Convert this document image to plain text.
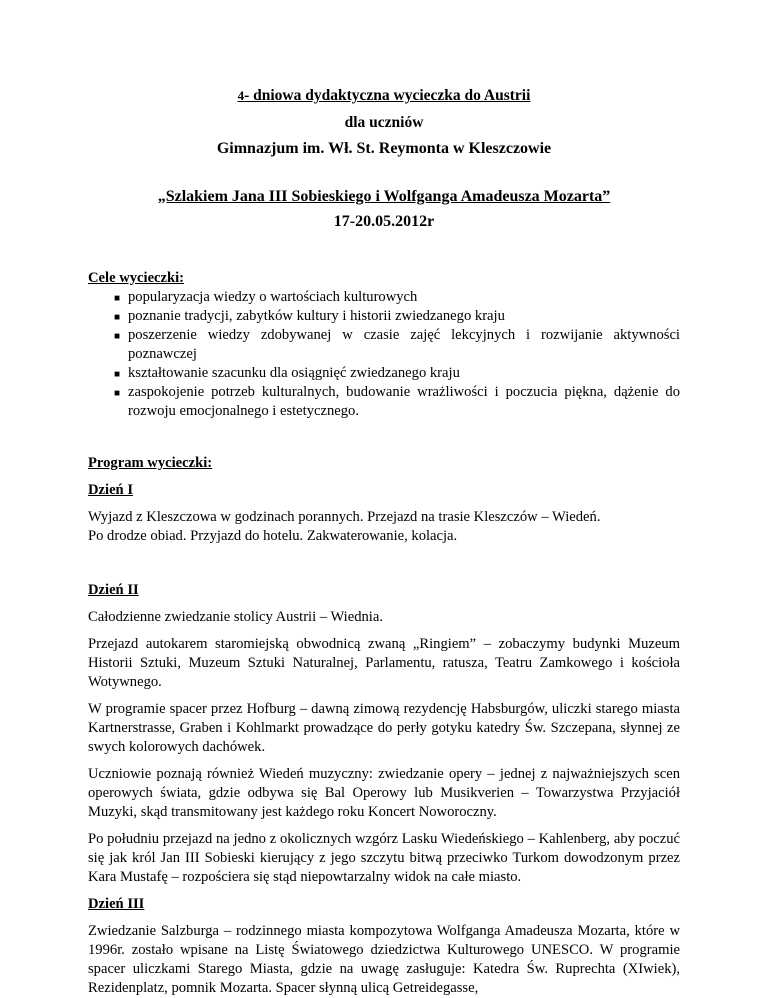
4- dniowa dydaktyczna wycieczka do Austrii
dla uczniów
Gimnazjum im. Wł. St. Reymonta w Kleszczowie
„Szlakiem Jana III Sobieskiego i Wolfganga Amadeusza Mozarta”
17-20.05.2012r
Cele wycieczki:
■ popularyzacja wiedzy o wartościach kulturowych
■ poznanie tradycji, zabytków kultury i historii zwiedzanego kraju
■ poszerzenie wiedzy zdobywanej w czasie zajęć lekcyjnych i rozwijanie aktywności poznawczej
■ kształtowanie szacunku dla osiągnięć zwiedzanego kraju
■ zaspokojenie potrzeb kulturalnych, budowanie wrażliwości i poczucia piękna, dążenie do rozwoju emocjonalnego i estetycznego.
Program wycieczki:
Dzień I
Wyjazd z Kleszczowa w godzinach porannych. Przejazd na trasie Kleszczów – Wiedeń.
Po drodze obiad. Przyjazd do hotelu. Zakwaterowanie, kolacja.
Dzień II

Całodzienne zwiedzanie stolicy Austrii – Wiednia.

Przejazd autokarem staromiejską obwodnicą zwaną „Ringiem” – zobaczymy budynki Muzeum Historii Sztuki, Muzeum Sztuki Naturalnej, Parlamentu, ratusza, Teatru Zamkowego i kościoła Wotywnego.

W programie spacer przez Hofburg – dawną zimową rezydencję Habsburgów, uliczki starego miasta Kartnerstrasse, Graben i Kohlmarkt prowadzące do perły gotyku katedry Św. Szczepana, słynnej ze swych kolorowych dachówek.

Uczniowie poznają również Wiedeń muzyczny: zwiedzanie opery – jednej z najważniejszych scen operowych świata, gdzie odbywa się Bal Operowy lub Musikverien – Towarzystwa Przyjaciół Muzyki, skąd transmitowany jest każdego roku Koncert Noworoczny.

Po południu przejazd na jedno z okolicznych wzgórz Lasku Wiedeńskiego – Kahlenberg, aby poczuć się jak król Jan III Sobieski kierujący z jego szczytu bitwą przeciwko Turkom dowodzonym przez Kara Mustafę – rozpościera się stąd niepowtarzalny widok na całe miasto.

Dzień III

Zwiedzanie Salzburga – rodzinnego miasta kompozytowa Wolfganga Amadeusza Mozarta, które w 1996r. zostało wpisane na Listę Światowego dziedzictwa Kulturowego UNESCO. W programie spacer uliczkami Starego Miasta, gdzie na uwagę zasługuje: Katedra Św. Ruprechta (XIwiek), Rezidenplatz, pomnik Mozarta. Spacer słynną ulicą Getreidegasse,
